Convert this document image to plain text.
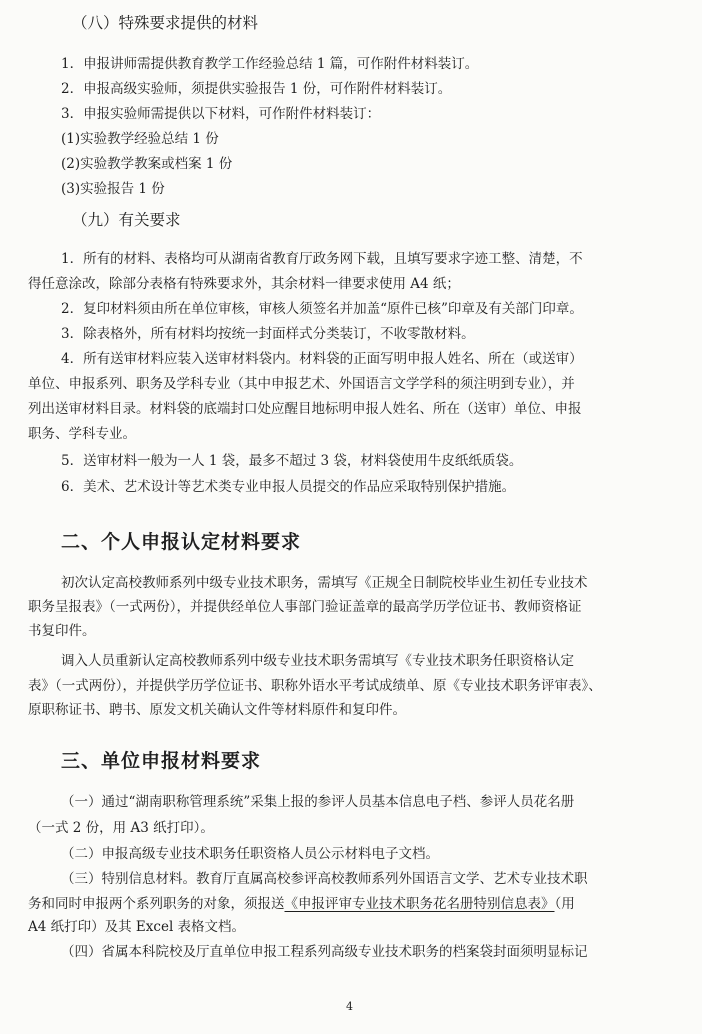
（八）特殊要求提供的材料
1．申报讲师需提供教育教学工作经验总结 1 篇，可作附件材料装订。
2．申报高级实验师，须提供实验报告 1 份，可作附件材料装订。
3．申报实验师需提供以下材料，可作附件材料装订：
(1)实验教学经验总结 1 份
(2)实验教学教案或档案 1 份
(3)实验报告 1 份
（九）有关要求
1．所有的材料、表格均可从湖南省教育厅政务网下载，且填写要求字迹工整、清楚，不
得任意涂改，除部分表格有特殊要求外，其余材料一律要求使用 A4 纸；
2．复印材料须由所在单位审核，审核人须签名并加盖“原件已核”印章及有关部门印章。
3．除表格外，所有材料均按统一封面样式分类装订，不收零散材料。
4．所有送审材料应装入送审材料袋内。材料袋的正面写明申报人姓名、所在（或送审）
单位、申报系列、职务及学科专业（其中申报艺术、外国语言文学学科的须注明到专业），并
列出送审材料目录。材料袋的底端封口处应醒目地标明申报人姓名、所在（送审）单位、申报
职务、学科专业。
5．送审材料一般为一人 1 袋，最多不超过 3 袋，材料袋使用牛皮纸纸质袋。
6．美术、艺术设计等艺术类专业申报人员提交的作品应采取特别保护措施。
二、个人申报认定材料要求
初次认定高校教师系列中级专业技术职务，需填写《正规全日制院校毕业生初任专业技术
职务呈报表》（一式两份），并提供经单位人事部门验证盖章的最高学历学位证书、教师资格证
书复印件。
调入人员重新认定高校教师系列中级专业技术职务需填写《专业技术职务任职资格认定
表》（一式两份），并提供学历学位证书、职称外语水平考试成绩单、原《专业技术职务评审表》、
原职称证书、聘书、原发文机关确认文件等材料原件和复印件。
三、单位申报材料要求
（一）通过“湖南职称管理系统”采集上报的参评人员基本信息电子档、参评人员花名册
（一式 2 份，用 A3 纸打印）。
（二）申报高级专业技术职务任职资格人员公示材料电子文档。
（三）特别信息材料。教育厅直属高校参评高校教师系列外国语言文学、艺术专业技术职
务和同时申报两个系列职务的对象，须报送《申报评审专业技术职务花名册特别信息表》（用
A4 纸打印）及其 Excel 表格文档。
（四）省属本科院校及厅直单位申报工程系列高级专业技术职务的档案袋封面须明显标记
4
